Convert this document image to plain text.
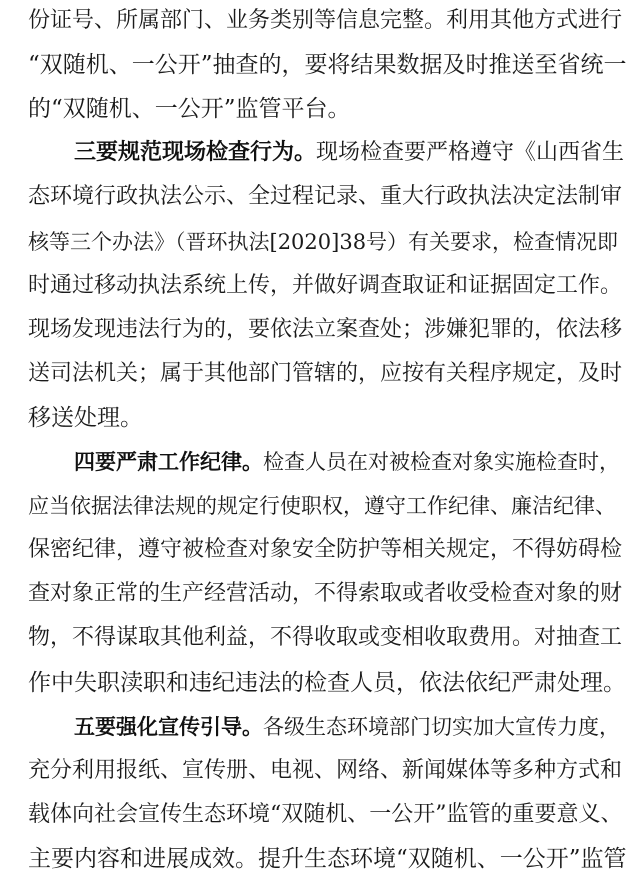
份证号、所属部门、业务类别等信息完整。利用其他方式进行
“双随机、一公开”抽查的，要将结果数据及时推送至省统一
的“双随机、一公开”监管平台。
三要规范现场检查行为。现场检查要严格遵守《山西省生
态环境行政执法公示、全过程记录、重大行政执法决定法制审
核等三个办法》（晋环执法[2020]38号）有关要求，检查情况即
时通过移动执法系统上传，并做好调查取证和证据固定工作。
现场发现违法行为的，要依法立案查处；涉嫌犯罪的，依法移
送司法机关；属于其他部门管辖的，应按有关程序规定，及时
移送处理。
四要严肃工作纪律。检查人员在对被检查对象实施检查时，
应当依据法律法规的规定行使职权，遵守工作纪律、廉洁纪律、
保密纪律，遵守被检查对象安全防护等相关规定，不得妨碍检
查对象正常的生产经营活动，不得索取或者收受检查对象的财
物，不得谋取其他利益，不得收取或变相收取费用。对抽查工
作中失职渎职和违纪违法的检查人员，依法依纪严肃处理。
五要强化宣传引导。各级生态环境部门切实加大宣传力度，
充分利用报纸、宣传册、电视、网络、新闻媒体等多种方式和
载体向社会宣传生态环境“双随机、一公开”监管的重要意义、
主要内容和进展成效。提升生态环境“双随机、一公开”监管
